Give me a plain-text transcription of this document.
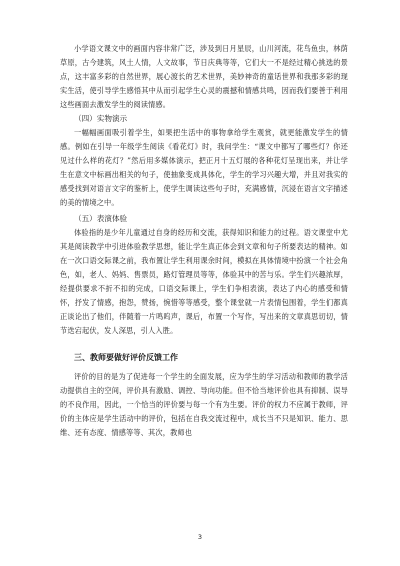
小学语文课文中的画面内容非常广泛，涉及到日月星辰，山川河流，花鸟鱼虫，林荫草原，古今建筑，风土人情，人文故事，节日庆典等等，它们大一不是经过精心挑选的景点，这丰富多彩的自然世界，展心渡长的艺术世界，美妙神奇的童话世界和我那多彩的现实生活，使引导学生感悟其中从而引起学生心灵的震撼和情感共鸣，因而我们要善于利用这些画面去激发学生的阅读情感。

（四）实物演示

一幅幅画面吸引着学生，如果把生活中的事物拿给学生观赏，就更能激发学生的情感。例如在引导一年级学生阅读《看花灯》时，我问学生：“课文中都写了哪些灯？你还见过什么样的花灯？”然后用多媒体演示，把正月十五灯展的各种花灯呈现出来，并让学生在意文中标画出相关的句子，使抽象变成具体化，学生的学习兴趣大增，并且对我实的感受找到对语言文字的鉴析上，使学生调读这些句子时，充满感情，沉浸在语言文字描述的美的情境之中。

（五）表演体验

体验指的是少年儿童通过自身的经历和交流，获得知识和能力的过程。语文课堂中尤其是阅读教学中引进体验教学思想，能让学生真正体会到文章和句子所要表达的精神。如在一次口语交际课之前，我布置让学生利用课余时间，模拟在具体情境中扮演一个社会角色，如，老人、妈妈、售票员，路灯管理员等等，体验其中的苦与乐。学生们兴趣浓厚，经提供要求不折不扣的完成，口语交际课上，学生们争相表演，表达了内心的感受和情怀，抒发了情感，抱怨，赞扬，惋惜等等感受，整个课堂就一片表情包围着，学生们都真正谈论出了他们，伴随着一片鸣呜声，课后，布置一个写作，写出来的文章真思切切，情节迭宕起伏，发人深思，引人入胜。

三、教师要做好评价反馈工作

评价的目的是为了促进每一个学生的全面发展，应为学生的学习活动和教师的教学活动提供自主的空间，评价具有激励、调控、导向功能。但不恰当地评价也具有抑制、误导的不良作用，因此，一个恰当的评价要与每一个有为生要。评价的权力不应属于教师，评价的主体应是学生活动中的评价，包括在自我交流过程中，成长当不只是知识、能力、思维、还有态度、情感等等、其次，教师也

3
